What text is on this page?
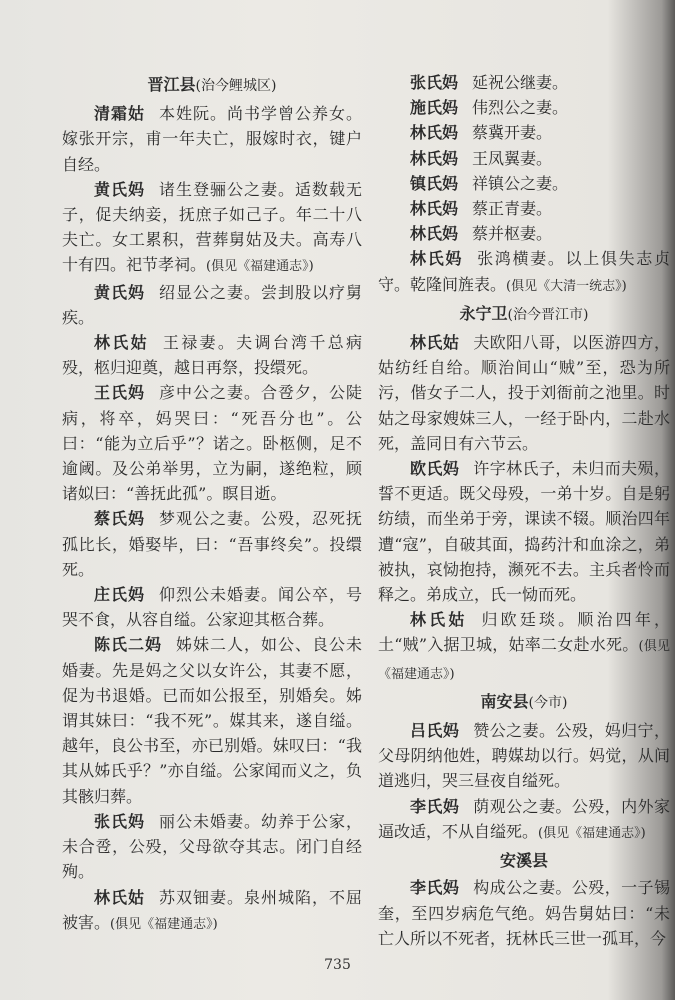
晋江县(治今鲤城区)

清霜姑 本姓阮。尚书学曾公养女。嫁张开宗，甫一年夫亡，服嫁时衣，键户自经。

黄氏妈 诸生登骊公之妻。适数载无子，促夫纳妾，抚庶子如己子。年二十八夫亡。女工累积，营葬舅姑及夫。高寿八十有四。祀节孝祠。(俱见《福建通志》)

黄氏妈 绍显公之妻。尝刲股以疗舅疾。

林氏姑 王禄妻。夫调台湾千总病殁，柩归迎奠，越日再祭，投缳死。

王氏妈 彦中公之妻。合卺夕，公陡病，将卒，妈哭曰：“死吾分也”。公曰：“能为立后乎”？诺之。卧柩侧，足不逾阈。及公弟举男，立为嗣，遂绝粒，顾诸姒曰：“善抚此孤”。瞑目逝。

蔡氏妈 梦观公之妻。公殁，忍死抚孤比长，婚娶毕，曰：“吾事终矣”。投缳死。

庄氏妈 仰烈公未婚妻。闻公卒，号哭不食，从容自缢。公家迎其柩合葬。

陈氏二妈 姊妹二人，如公、良公未婚妻。先是妈之父以女许公，其妻不愿，促为书退婚。已而如公报至，别婚矣。姊谓其妹曰：“我不死”。媒其来，遂自缢。越年，良公书至，亦已别婚。妹叹曰：“我其从姊氏乎？”亦自缢。公家闻而义之，负其骸归葬。

张氏妈 丽公未婚妻。幼养于公家，未合卺，公殁，父母欲夺其志。闭门自经殉。

林氏姑 苏双钿妻。泉州城陷，不屈被害。(俱见《福建通志》)

张氏妈 延祝公继妻。

施氏妈 伟烈公之妻。

林氏妈 蔡冀开妻。

林氏妈 王凤翼妻。

镇氏妈 祥镇公之妻。

林氏妈 蔡正青妻。

林氏妈 蔡并枢妻。

林氏妈 张鸿横妻。以上俱失志贞守。乾隆间旌表。(俱见《大清一统志》)

永宁卫(治今晋江市)

林氏姑 夫欧阳八哥，以医游四方，姑纺纴自给。顺治间山“贼”至，恐为所污，偕女子二人，投于刘衙前之池里。时姑之母家嫂妹三人，一经于卧内，二赴水死，盖同日有六节云。

欧氏妈 许字林氏子，未归而夫殒，誓不更适。既父母殁，一弟十岁。自是躬纺绩，而坐弟于旁，课读不辍。顺治四年遭“寇”，自破其面，捣药汁和血涂之，弟被执，哀恸抱持，濒死不去。主兵者怜而释之。弟成立，氏一恸而死。

林氏姑 归欧廷琰。顺治四年，土“贼”入据卫城，姑率二女赴水死。(俱见《福建通志》)

南安县(今市)

吕氏妈 赞公之妻。公殁，妈归宁，父母阴纳他姓，聘媒劫以行。妈觉，从间道逃归，哭三昼夜自缢死。

李氏妈 荫观公之妻。公殁，内外家逼改适，不从自缢死。(俱见《福建通志》)

安溪县

李氏妈 构成公之妻。公殁，一子锡奎，至四岁病危气绝。妈告舅姑曰：“未亡人所以不死者，抚林氏三世一孤耳，今

735
